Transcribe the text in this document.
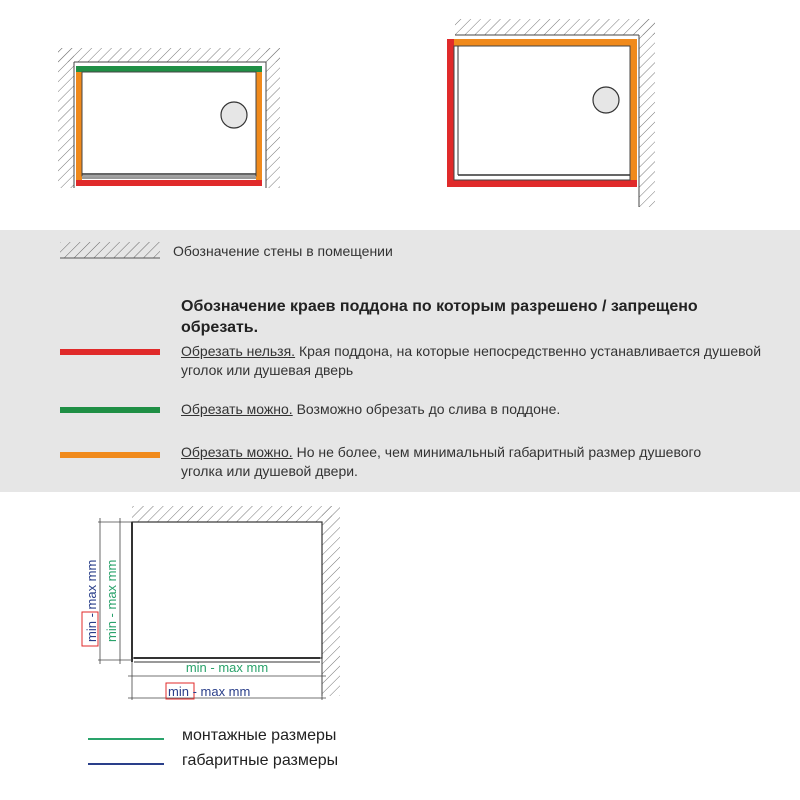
Обозначение стены в помещении
Обозначение краев поддона по которым разрешено / запрещено обрезать.
Обрезать нельзя. Края поддона, на которые непосредственно устанавливается душевой уголок или душевая дверь
Обрезать можно. Возможно обрезать до слива в поддоне.
Обрезать можно. Но не более, чем минимальный габаритный размер душевого уголка или душевой двери.
min - max mm
min - max mm
min - max mm min - max mm
монтажные размеры
габаритные размеры
